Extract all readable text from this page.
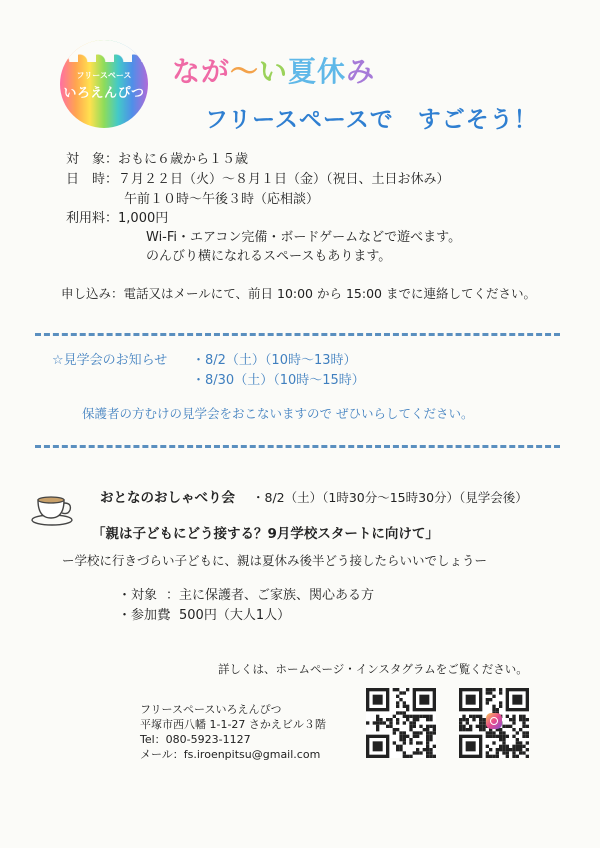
フリースペース
いろえんぴつ
なが〜い夏休み
フリースペースで　すごそう！
対　象：おもに６歳から１５歳
日　時：７月２２日（火）〜８月１日（金）（祝日、土日お休み）
午前１０時〜午後３時（応相談）
利用料：1,000円
Wi-Fi・エアコン完備・ボードゲームなどで遊べます。
のんびり横になれるスペースもあります。
申し込み：電話又はメールにて、前日 10:00 から 15:00 までに連絡してください。
☆見学会のお知らせ ・8/2（土）（10時〜13時）
・8/30（土）（10時〜15時）
保護者の方むけの見学会をおこないますので ぜひいらしてください。
おとなのおしゃべり会 ・8/2（土）（1時30分〜15時30分）（見学会後）
「親は子どもにどう接する？9月学校スタートに向けて」
ー学校に行きづらい子どもに、親は夏休み後半どう接したらいいでしょうー
・対象 ：主に保護者、ご家族、関心ある方
・参加費：500円（大人1人）
詳しくは、ホームページ・インスタグラムをご覧ください。
フリースペースいろえんぴつ
平塚市西八幡 1-1-27 さかえビル３階
Tel：080-5923-1127
メール：fs.iroenpitsu@gmail.com
